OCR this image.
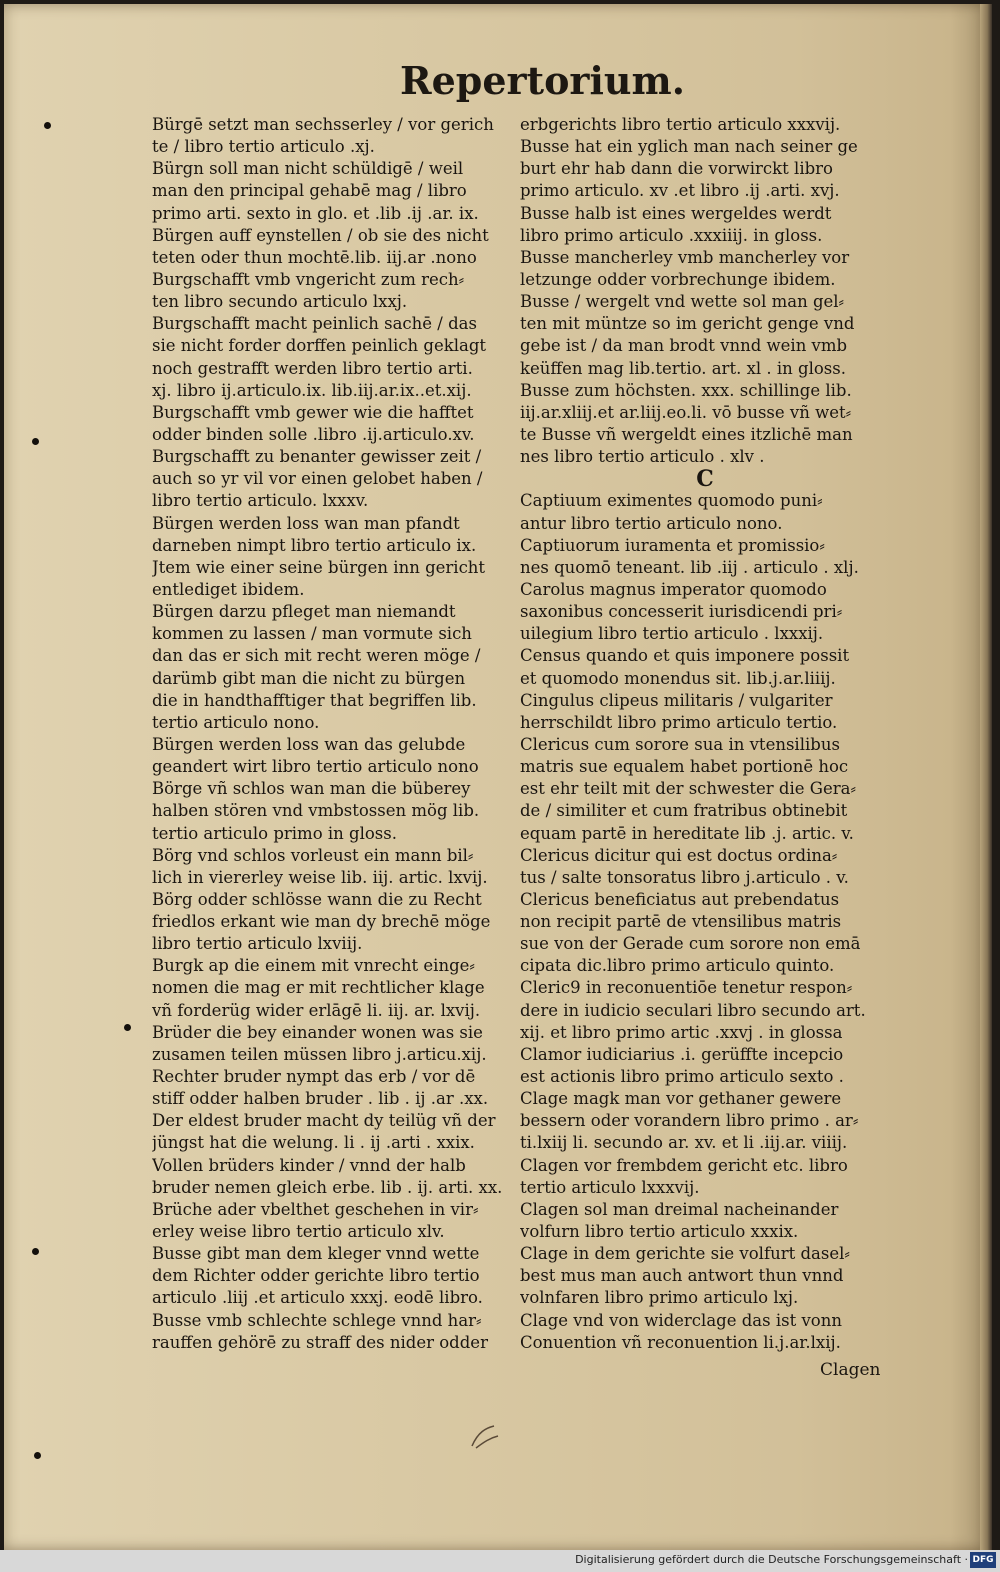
Repertorium.
Bürgē setzt man sechsserley / vor gerich
te / libro tertio articulo .xj.
Bürgn soll man nicht schüldigē / weil
man den principal gehabē mag / libro
primo arti. sexto in glo. et .lib .ij .ar. ix.
Bürgen auff eynstellen / ob sie des nicht
teten oder thun mochtē.lib. iij.ar .nono
Burgschafft vmb vngericht zum rech⸗
ten libro secundo articulo lxxj.
Burgschafft macht peinlich sachē / das
sie nicht forder dorffen peinlich geklagt
noch gestrafft werden libro tertio arti.
xj. libro ij.articulo.ix. lib.iij.ar.ix..et.xij.
Burgschafft vmb gewer wie die hafftet
odder binden solle .libro .ij.articulo.xv.
Burgschafft zu benanter gewisser zeit /
auch so yr vil vor einen gelobet haben /
libro tertio articulo. lxxxv.
Bürgen werden loss wan man pfandt
darneben nimpt libro tertio articulo ix.
Jtem wie einer seine bürgen inn gericht
entlediget ibidem.
Bürgen darzu pfleget man niemandt
kommen zu lassen / man vormute sich
dan das er sich mit recht weren möge /
darümb gibt man die nicht zu bürgen
die in handthafftiger that begriffen lib.
tertio articulo nono.
Bürgen werden loss wan das gelubde
geandert wirt libro tertio articulo nono
Börge vñ schlos wan man die büberey
halben stören vnd vmbstossen mög lib.
tertio articulo primo in gloss.
Börg vnd schlos vorleust ein mann bil⸗
lich in viererley weise lib. iij. artic. lxvij.
Börg odder schlösse wann die zu Recht
friedlos erkant wie man dy brechē möge
libro tertio articulo lxviij.
Burgk ap die einem mit vnrecht einge⸗
nomen die mag er mit rechtlicher klage
vñ forderüg wider erlāgē li. iij. ar. lxvij.
Brüder die bey einander wonen was sie
zusamen teilen müssen libro j.articu.xij.
Rechter bruder nympt das erb / vor dē
stiff odder halben bruder . lib . ij .ar .xx.
Der eldest bruder macht dy teilüg vñ der
jüngst hat die welung. li . ij .arti . xxix.
Vollen brüders kinder / vnnd der halb
bruder nemen gleich erbe. lib . ij. arti. xx.
Brüche ader vbelthet geschehen in vir⸗
erley weise libro tertio articulo xlv.
Busse gibt man dem kleger vnnd wette
dem Richter odder gerichte libro tertio
articulo .liij .et articulo xxxj. eodē libro.
Busse vmb schlechte schlege vnnd har⸗
rauffen gehörē zu straff des nider odder
erbgerichts libro tertio articulo xxxvij.
Busse hat ein yglich man nach seiner ge
burt ehr hab dann die vorwirckt libro
primo articulo. xv .et libro .ij .arti. xvj.
Busse halb ist eines wergeldes werdt
libro primo articulo .xxxiiij. in gloss.
Busse mancherley vmb mancherley vor
letzunge odder vorbrechunge ibidem.
Busse / wergelt vnd wette sol man gel⸗
ten mit müntze so im gericht genge vnd
gebe ist / da man brodt vnnd wein vmb
keüffen mag lib.tertio. art. xl . in gloss.
Busse zum höchsten. xxx. schillinge lib.
iij.ar.xliij.et ar.liij.eo.li. vō busse vñ wet⸗
te Busse vñ wergeldt eines itzlichē man
nes libro tertio articulo . xlv .
C
Captiuum eximentes quomodo puni⸗
antur libro tertio articulo nono.
Captiuorum iuramenta et promissio⸗
nes quomō teneant. lib .iij . articulo . xlj.
Carolus magnus imperator quomodo
saxonibus concesserit iurisdicendi pri⸗
uilegium libro tertio articulo . lxxxij.
Census quando et quis imponere possit
et quomodo monendus sit. lib.j.ar.liiij.
Cingulus clipeus militaris / vulgariter
herrschildt libro primo articulo tertio.
Clericus cum sorore sua in vtensilibus
matris sue equalem habet portionē hoc
est ehr teilt mit der schwester die Gera⸗
de / similiter et cum fratribus obtinebit
equam partē in hereditate lib .j. artic. v.
Clericus dicitur qui est doctus ordina⸗
tus / salte tonsoratus libro j.articulo . v.
Clericus beneficiatus aut prebendatus
non recipit partē de vtensilibus matris
sue von der Gerade cum sorore non emā
cipata dic.libro primo articulo quinto.
Cleric9 in reconuentiōe tenetur respon⸗
dere in iudicio seculari libro secundo art.
xij. et libro primo artic .xxvj . in glossa
Clamor iudiciarius .i. gerüffte incepcio
est actionis libro primo articulo sexto .
Clage magk man vor gethaner gewere
bessern oder vorandern libro primo . ar⸗
ti.lxiij li. secundo ar. xv. et li .iij.ar. viiij.
Clagen vor frembdem gericht etc. libro
tertio articulo lxxxvij.
Clagen sol man dreimal nacheinander
volfurn libro tertio articulo xxxix.
Clage in dem gerichte sie volfurt dasel⸗
best mus man auch antwort thun vnnd
volnfaren libro primo articulo lxj.
Clage vnd von widerclage das ist vonn
Conuention vñ reconuention li.j.ar.lxij.
Clagen
Digitalisierung gefördert durch die Deutsche Forschungsgemeinschaft · DFG
